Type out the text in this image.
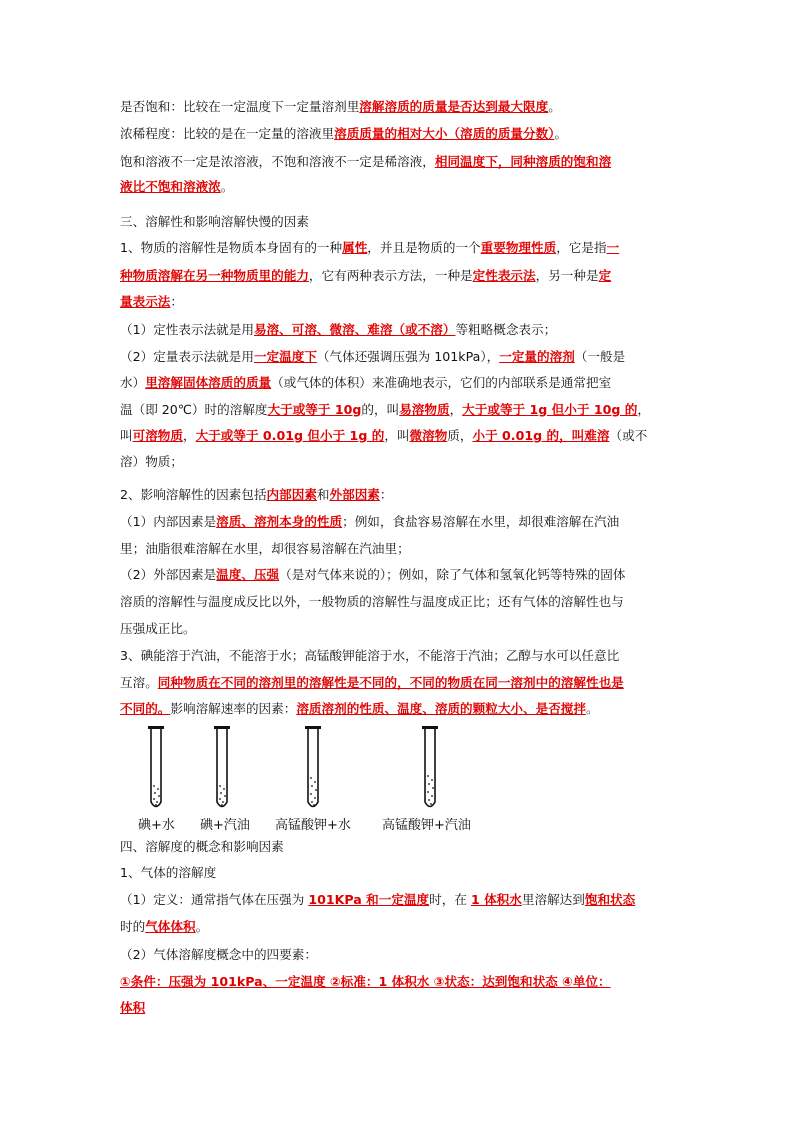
是否饱和：比较在一定温度下一定量溶剂里溶解溶质的质量是否达到最大限度。
浓稀程度：比较的是在一定量的溶液里溶质质量的相对大小（溶质的质量分数）。
饱和溶液不一定是浓溶液，不饱和溶液不一定是稀溶液，相同温度下，同种溶质的饱和溶
液比不饱和溶液浓。
三、溶解性和影响溶解快慢的因素
1、物质的溶解性是物质本身固有的一种属性，并且是物质的一个重要物理性质，它是指一
种物质溶解在另一种物质里的能力，它有两种表示方法，一种是定性表示法，另一种是定
量表示法：
（1）定性表示法就是用易溶、可溶、微溶、难溶（或不溶）等粗略概念表示；
（2）定量表示法就是用一定温度下（气体还强调压强为 101kPa），一定量的溶剂（一般是
水）里溶解固体溶质的质量（或气体的体积）来准确地表示，它们的内部联系是通常把室
温（即 20℃）时的溶解度大于或等于 10g的，叫易溶物质，大于或等于 1g 但小于 10g 的，
叫可溶物质，大于或等于 0.01g 但小于 1g 的，叫微溶物质，小于 0.01g 的，叫难溶（或不
溶）物质；
2、影响溶解性的因素包括内部因素和外部因素：
（1）内部因素是溶质、溶剂本身的性质；例如，食盐容易溶解在水里，却很难溶解在汽油
里；油脂很难溶解在水里，却很容易溶解在汽油里；
（2）外部因素是温度、压强（是对气体来说的）；例如，除了气体和氢氧化钙等特殊的固体
溶质的溶解性与温度成反比以外，一般物质的溶解性与温度成正比；还有气体的溶解性也与
压强成正比。
3、碘能溶于汽油，不能溶于水；高锰酸钾能溶于水，不能溶于汽油；乙醇与水可以任意比
互溶。同种物质在不同的溶剂里的溶解性是不同的，不同的物质在同一溶剂中的溶解性也是
不同的。影响溶解速率的因素：溶质溶剂的性质、温度、溶质的颗粒大小、是否搅拌。
四、溶解度的概念和影响因素
1、气体的溶解度
（1）定义：通常指气体在压强为 101KPa 和一定温度时，在 1 体积水里溶解达到饱和状态
时的气体体积。
（2）气体溶解度概念中的四要素：
①条件：压强为 101kPa、一定温度 ②标准：1 体积水 ③状态：达到饱和状态 ④单位：
体积
碘+水 碘+汽油 高锰酸钾+水 高锰酸钾+汽油
